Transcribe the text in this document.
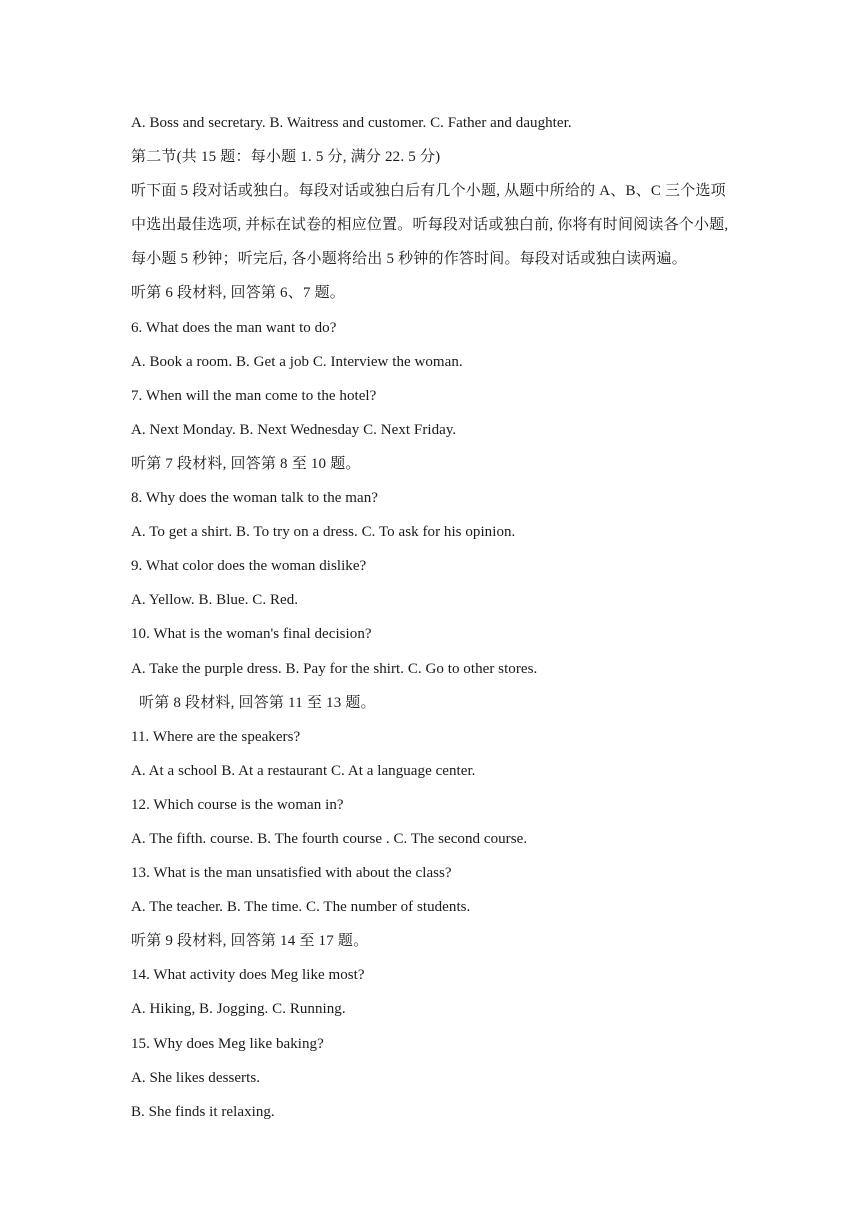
A. Boss and secretary. B. Waitress and customer. C. Father and daughter.
第二节(共 15 题：每小题 1. 5 分, 满分 22. 5 分)
听下面 5 段对话或独白。每段对话或独白后有几个小题, 从题中所给的 A、B、C 三个选项
中选出最佳选项, 并标在试卷的相应位置。听每段对话或独白前, 你将有时间阅读各个小题,
每小题 5 秒钟；听完后, 各小题将给出 5 秒钟的作答时间。每段对话或独白读两遍。
听第 6 段材料, 回答第 6、7 题。
6. What does the man want to do?
A. Book a room. B. Get a job C. Interview the woman.
7. When will the man come to the hotel?
A. Next Monday. B. Next Wednesday C. Next Friday.
听第 7 段材料, 回答第 8 至 10 题。
8. Why does the woman talk to the man?
A. To get a shirt. B. To try on a dress. C. To ask for his opinion.
9. What color does the woman dislike?
A. Yellow. B. Blue. C. Red.
10. What is the woman's final decision?
A. Take the purple dress. B. Pay for the shirt. C. Go to other stores.
听第 8 段材料, 回答第 11 至 13 题。
11. Where are the speakers?
A. At a school B. At a restaurant C. At a language center.
12. Which course is the woman in?
A. The fifth. course. B. The fourth course . C. The second course.
13. What is the man unsatisfied with about the class?
A. The teacher. B. The time. C. The number of students.
听第 9 段材料, 回答第 14 至 17 题。
14. What activity does Meg like most?
A. Hiking, B. Jogging. C. Running.
15. Why does Meg like baking?
A. She likes desserts.
B. She finds it relaxing.
